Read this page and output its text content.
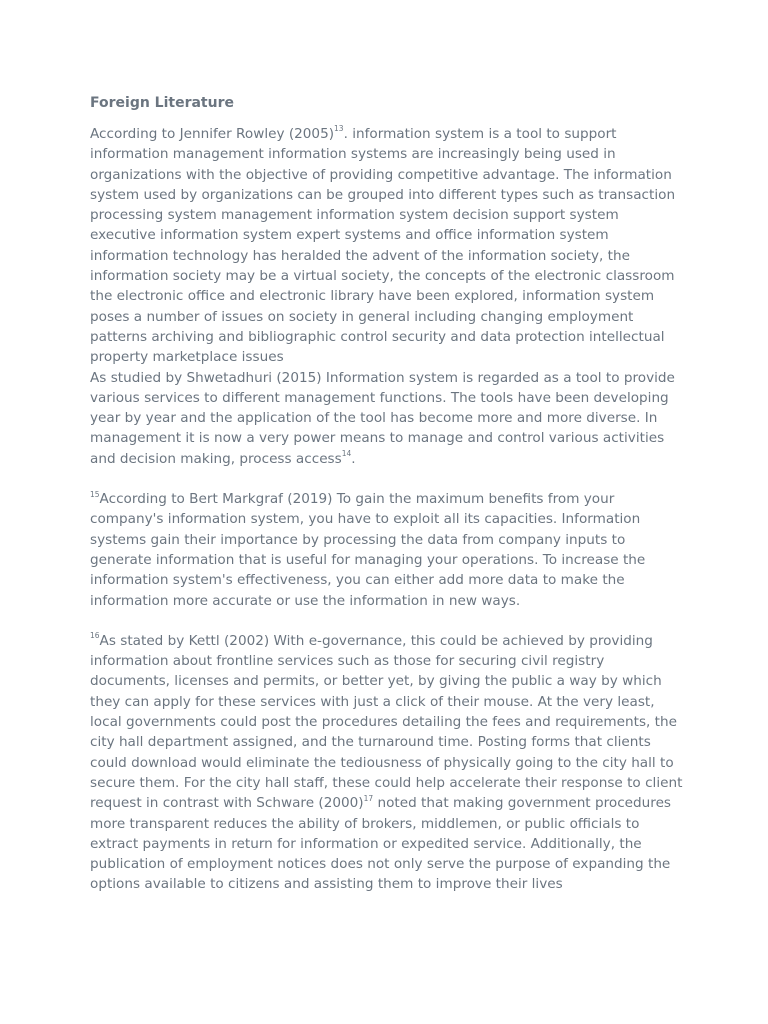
Foreign Literature

According to Jennifer Rowley $(2005)^{13}$. information system is a tool to support information management information systems are increasingly being used in organizations with the objective of providing competitive advantage. The information system used by organizations can be grouped into different types such as transaction processing system management information system decision support system executive information system expert systems and office information system information technology has heralded the advent of the information society, the information society may be a virtual society, the concepts of the electronic classroom the electronic office and electronic library have been explored, information system poses a number of issues on society in general including changing employment patterns archiving and bibliographic control security and data protection intellectual property marketplace issues

As studied by Shwetadhuri (2015) Information system is regarded as a tool to provide various services to different management functions. The tools have been developing year by year and the application of the tool has become more and more diverse. In management it is now a very power means to manage and control various activities and decision making, process access$^{14}$.

$^{15}$According to Bert Markgraf (2019) To gain the maximum benefits from your company's information system, you have to exploit all its capacities. Information systems gain their importance by processing the data from company inputs to generate information that is useful for managing your operations. To increase the information system's effectiveness, you can either add more data to make the information more accurate or use the information in new ways.

$^{16}$As stated by Kettl (2002) With e-governance, this could be achieved by providing information about frontline services such as those for securing civil registry documents, licenses and permits, or better yet, by giving the public a way by which they can apply for these services with just a click of their mouse. At the very least, local governments could post the procedures detailing the fees and requirements, the city hall department assigned, and the turnaround time. Posting forms that clients could download would eliminate the tediousness of physically going to the city hall to secure them. For the city hall staff, these could help accelerate their response to client request in contrast with Schware $(2000)^{17}$ noted that making government procedures more transparent reduces the ability of brokers, middlemen, or public officials to extract payments in return for information or expedited service. Additionally, the publication of employment notices does not only serve the purpose of expanding the options available to citizens and assisting them to improve their lives
